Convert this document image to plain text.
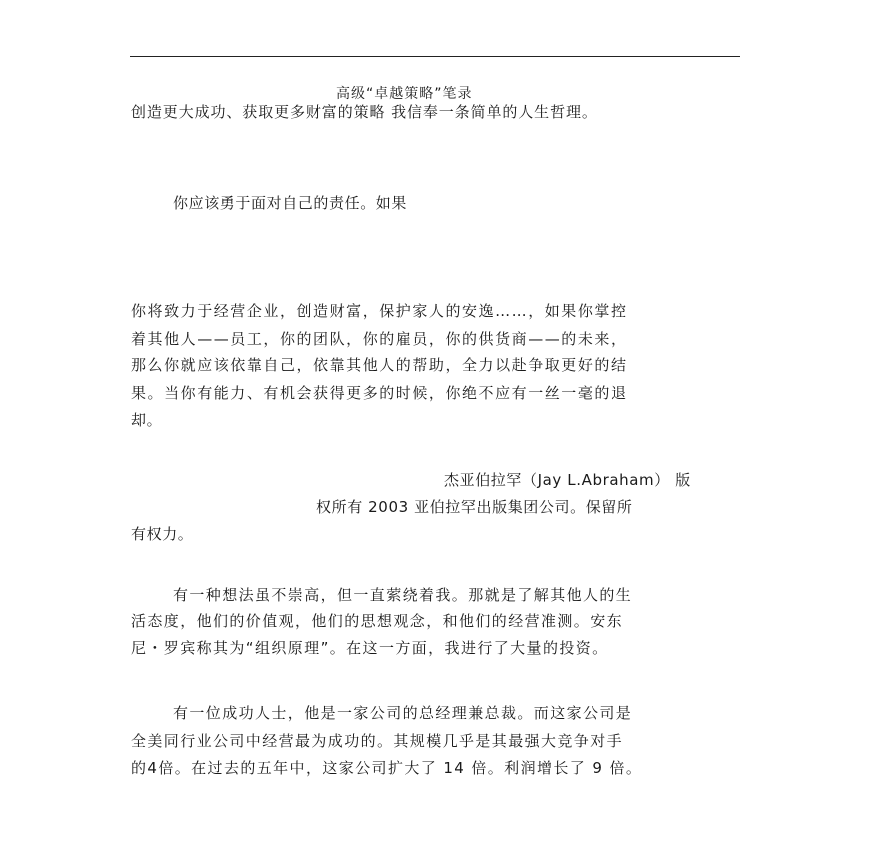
高级“卓越策略”笔录
创造更大成功、获取更多财富的策略 我信奉一条简单的人生哲理。
你应该勇于面对自己的责任。如果
你将致力于经营企业，创造财富，保护家人的安逸……，如果你掌控
着其他人——员工，你的团队，你的雇员，你的供货商——的未来，
那么你就应该依靠自己，依靠其他人的帮助，全力以赴争取更好的结
果。当你有能力、有机会获得更多的时候，你绝不应有一丝一毫的退
却。
杰亚伯拉罕（Jay L.Abraham） 版
权所有 2003 亚伯拉罕出版集团公司。保留所
有权力。
有一种想法虽不崇高，但一直萦绕着我。那就是了解其他人的生
活态度，他们的价值观，他们的思想观念，和他们的经营准测。安东
尼・罗宾称其为“组织原理”。在这一方面，我进行了大量的投资。
有一位成功人士，他是一家公司的总经理兼总裁。而这家公司是
全美同行业公司中经营最为成功的。其规模几乎是其最强大竞争对手
的4倍。在过去的五年中，这家公司扩大了 14 倍。利润增长了 9 倍。
